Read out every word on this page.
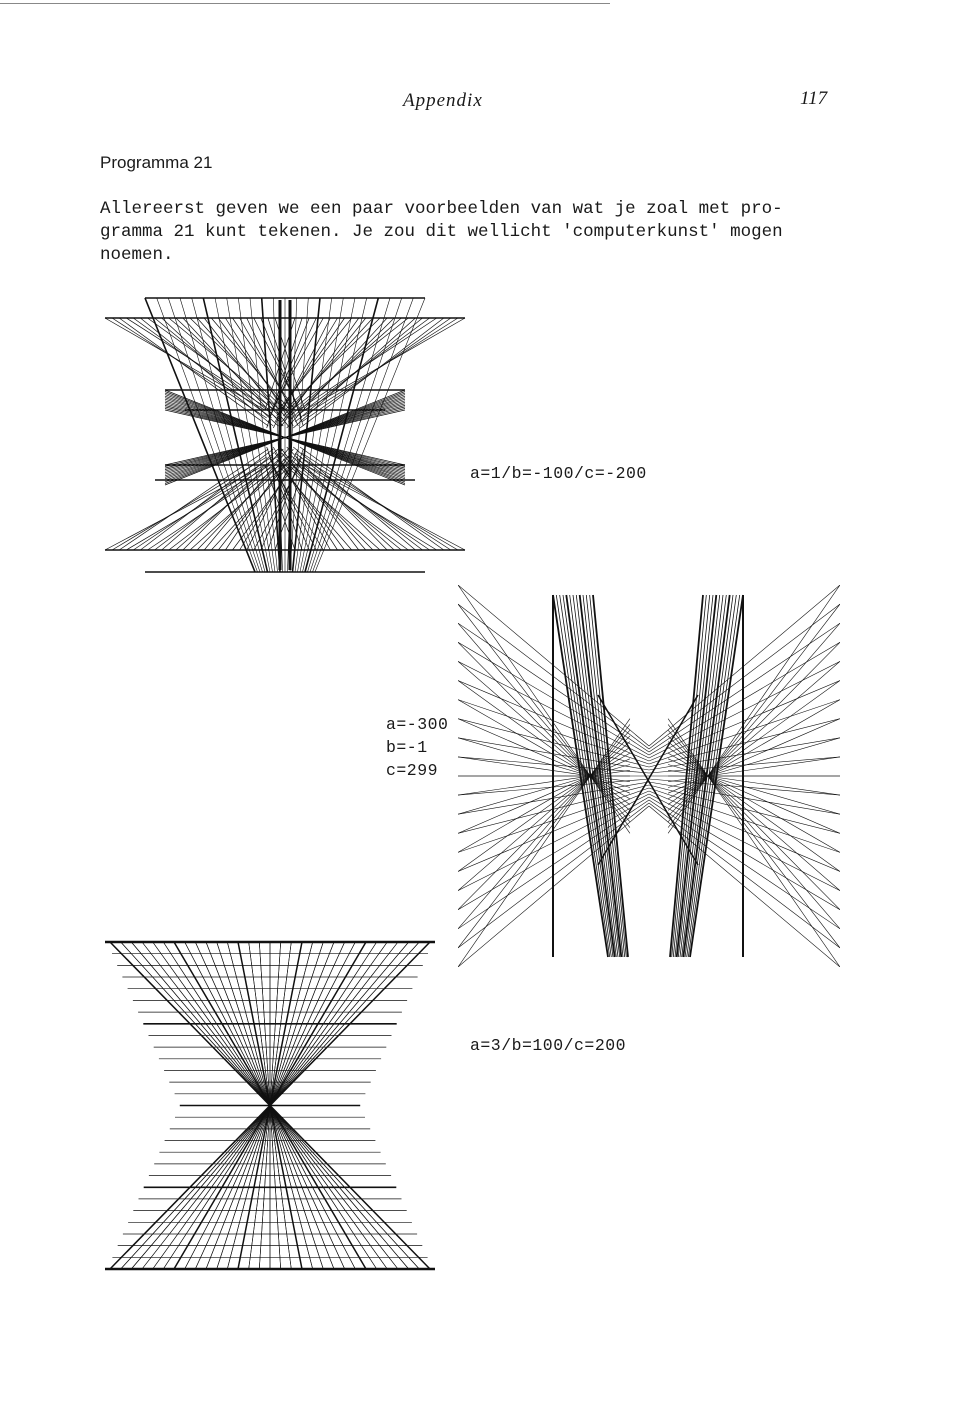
Appendix	117
Programma 21
Allereerst geven we een paar voorbeelden van wat je zoal met pro-
gramma 21 kunt tekenen. Je zou dit wellicht 'computerkunst' mogen
noemen.
a=1/b=-100/c=-200
a=-300
b=-1
c=299
a=3/b=100/c=200
